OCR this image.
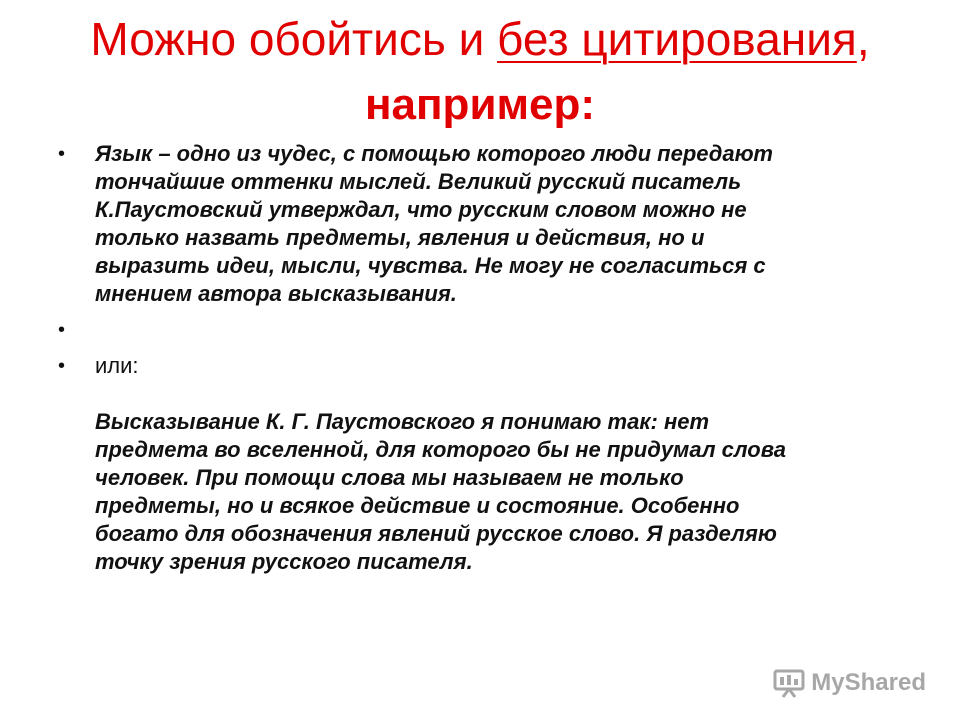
Можно обойтись и без цитирования,
например:
• Язык – одно из чудес, с помощью которого люди передают
тончайшие оттенки мыслей. Великий русский писатель
К.Паустовский утверждал, что русским словом можно не
только назвать предметы, явления и действия, но и
выразить идеи, мысли, чувства. Не могу не согласиться с
мнением автора высказывания.
•
• или:
Высказывание К. Г. Паустовского я понимаю так: нет
предмета во вселенной, для которого бы не придумал слова
человек. При помощи слова мы называем не только
предметы, но и всякое действие и состояние. Особенно
богато для обозначения явлений русское слово. Я разделяю
точку зрения русского писателя.
MyShared
